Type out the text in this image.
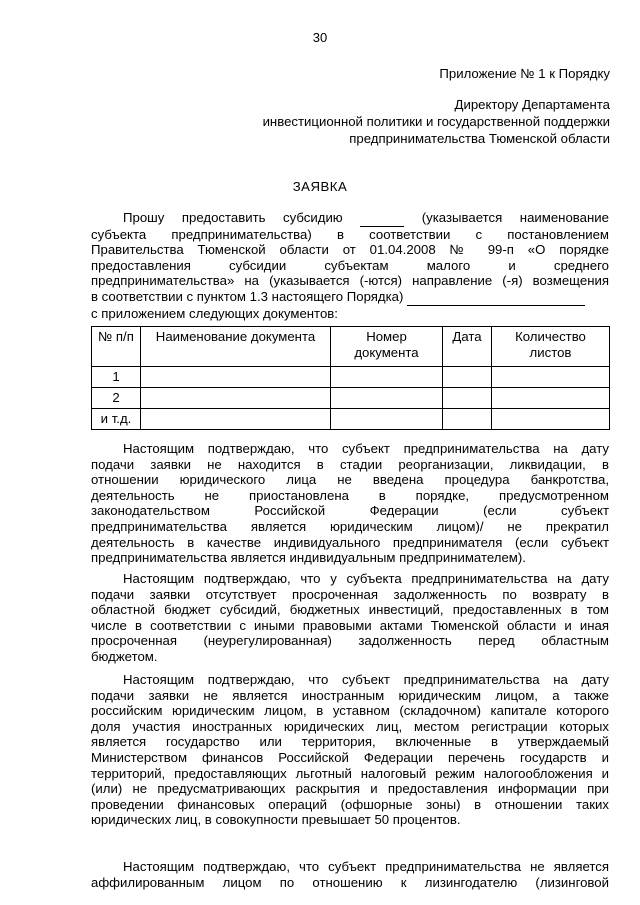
30
Приложение № 1 к Порядку
Директору Департамента
инвестиционной политики и государственной поддержки
предпринимательства Тюменской области
ЗАЯВКА
Прошу предоставить субсидию	(указывается наименование
субъекта предпринимательства) в соответствии с постановлением
Правительства Тюменской области от 01.04.2008 № 99-п «О порядке
предоставления субсидии субъектам малого и среднего
предпринимательства» на (указывается (-ются) направление (-я) возмещения
в соответствии с пунктом 1.3 настоящего Порядка)
с приложением следующих документов:
№ п/п	Наименование документа	Номер документа	Дата	Количество листов
1				
2				
и т.д.				
Настоящим подтверждаю, что субъект предпринимательства на дату
подачи заявки не находится в стадии реорганизации, ликвидации, в
отношении юридического лица не введена процедура банкротства,
деятельность не приостановлена в порядке, предусмотренном
законодательством Российской Федерации (если субъект
предпринимательства является юридическим лицом)/ не прекратил
деятельность в качестве индивидуального предпринимателя (если субъект
предпринимательства является индивидуальным предпринимателем).
Настоящим подтверждаю, что у субъекта предпринимательства на дату
подачи заявки отсутствует просроченная задолженность по возврату в
областной бюджет субсидий, бюджетных инвестиций, предоставленных в том
числе в соответствии с иными правовыми актами Тюменской области и иная
просроченная (неурегулированная) задолженность перед областным
бюджетом.
Настоящим подтверждаю, что субъект предпринимательства на дату
подачи заявки не является иностранным юридическим лицом, а также
российским юридическим лицом, в уставном (складочном) капитале которого
доля участия иностранных юридических лиц, местом регистрации которых
является государство или территория, включенные в утверждаемый
Министерством финансов Российской Федерации перечень государств и
территорий, предоставляющих льготный налоговый режим налогообложения и
(или) не предусматривающих раскрытия и предоставления информации при
проведении финансовых операций (офшорные зоны) в отношении таких
юридических лиц, в совокупности превышает 50 процентов.
Настоящим подтверждаю, что субъект предпринимательства не является
аффилированным лицом по отношению к лизингодателю (лизинговой
